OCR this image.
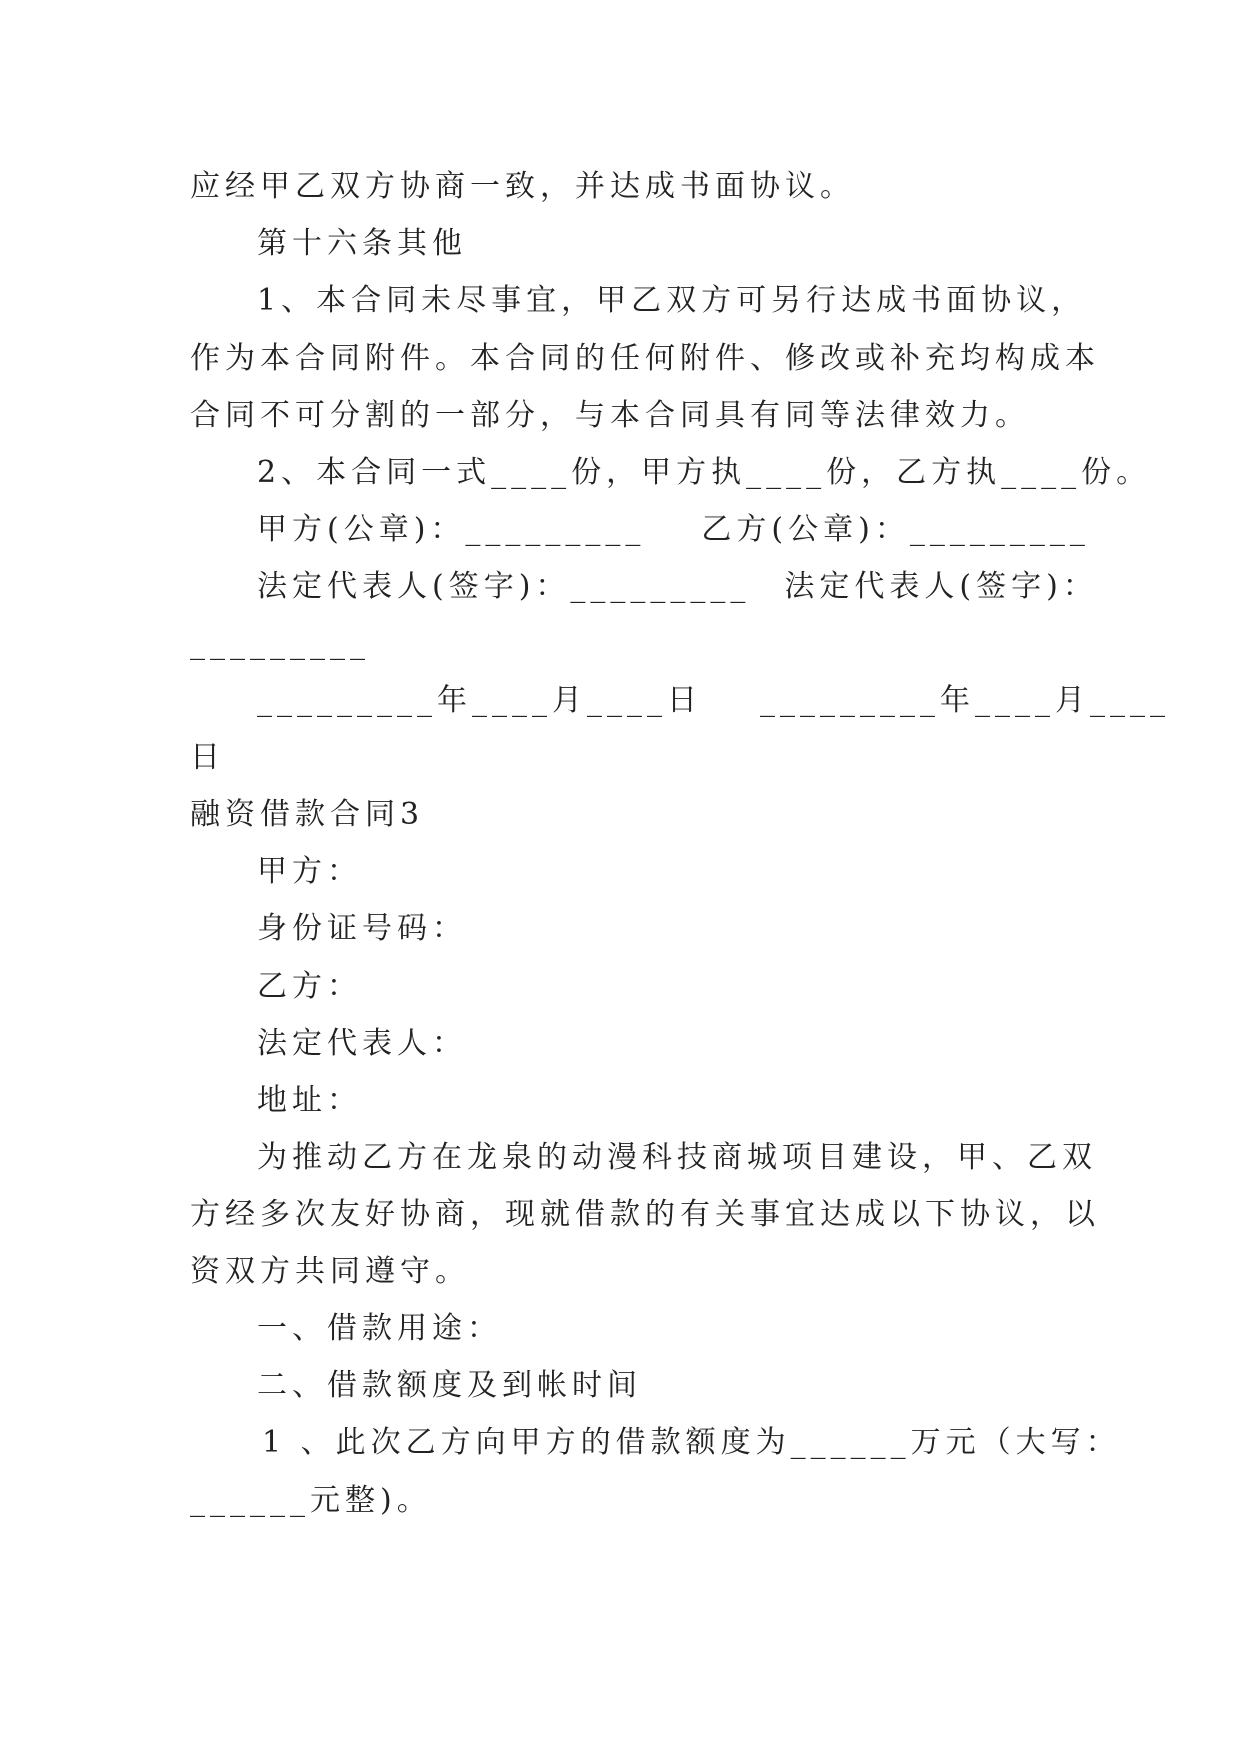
应经甲乙双方协商一致，并达成书面协议。
第十六条其他
1、本合同未尽事宜，甲乙双方可另行达成书面协议，
作为本合同附件。本合同的任何附件、修改或补充均构成本
合同不可分割的一部分，与本合同具有同等法律效力。
2、本合同一式____份，甲方执____份，乙方执____份。
甲方(公章)：_________ 乙方(公章)：_________
法定代表人(签字)：_________ 法定代表人(签字)：
_________
_________年____月____日 _________年____月____
日
融资借款合同3
甲方：
身份证号码：
乙方：
法定代表人：
地址：
为推动乙方在龙泉的动漫科技商城项目建设，甲、乙双
方经多次友好协商，现就借款的有关事宜达成以下协议，以
资双方共同遵守。
一、借款用途：
二、借款额度及到帐时间
1 、此次乙方向甲方的借款额度为______万元（大写：
______元整)。
